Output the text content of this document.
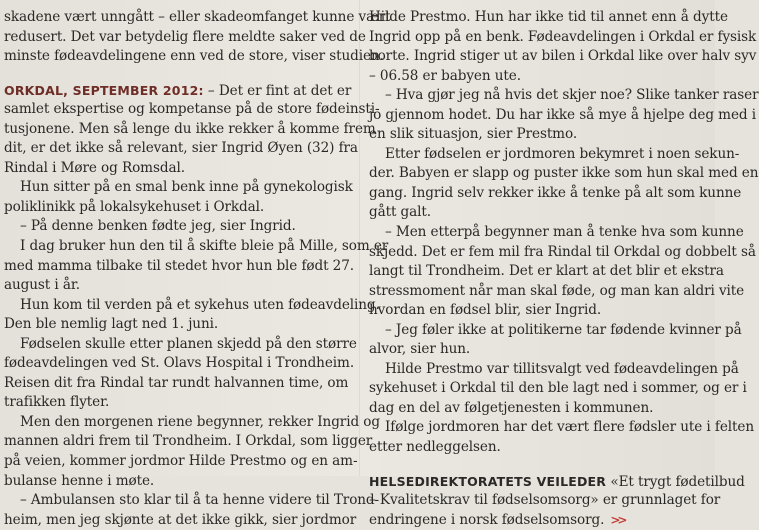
skadene vært unngått – eller skadeomfanget kunne vært
redusert. Det var betydelig flere meldte saker ved de
minste fødeavdelingene enn ved de store, viser studien.
ORKDAL, SEPTEMBER 2012: – Det er fint at det er
samlet ekspertise og kompetanse på de store fødeinsti-
tusjonene. Men så lenge du ikke rekker å komme frem
dit, er det ikke så relevant, sier Ingrid Øyen (32) fra
Rindal i Møre og Romsdal.
Hun sitter på en smal benk inne på gynekologisk
poliklinikk på lokalsykehuset i Orkdal.
– På denne benken fødte jeg, sier Ingrid.
I dag bruker hun den til å skifte bleie på Mille, som er
med mamma tilbake til stedet hvor hun ble født 27.
august i år.
Hun kom til verden på et sykehus uten fødeavdeling.
Den ble nemlig lagt ned 1. juni.
Fødselen skulle etter planen skjedd på den større
fødeavdelingen ved St. Olavs Hospital i Trondheim.
Reisen dit fra Rindal tar rundt halvannen time, om
trafikken flyter.
Men den morgenen riene begynner, rekker Ingrid og
mannen aldri frem til Trondheim. I Orkdal, som ligger
på veien, kommer jordmor Hilde Prestmo og en am-
bulanse henne i møte.
– Ambulansen sto klar til å ta henne videre til Trond-
heim, men jeg skjønte at det ikke gikk, sier jordmor
Hilde Prestmo. Hun har ikke tid til annet enn å dytte
Ingrid opp på en benk. Fødeavdelingen i Orkdal er fysisk
borte. Ingrid stiger ut av bilen i Orkdal like over halv syv
– 06.58 er babyen ute.
– Hva gjør jeg nå hvis det skjer noe? Slike tanker raser
jo gjennom hodet. Du har ikke så mye å hjelpe deg med i
en slik situasjon, sier Prestmo.
Etter fødselen er jordmoren bekymret i noen sekun-
der. Babyen er slapp og puster ikke som hun skal med en
gang. Ingrid selv rekker ikke å tenke på alt som kunne
gått galt.
– Men etterpå begynner man å tenke hva som kunne
skjedd. Det er fem mil fra Rindal til Orkdal og dobbelt så
langt til Trondheim. Det er klart at det blir et ekstra
stressmoment når man skal føde, og man kan aldri vite
hvordan en fødsel blir, sier Ingrid.
– Jeg føler ikke at politikerne tar fødende kvinner på
alvor, sier hun.
Hilde Prestmo var tillitsvalgt ved fødeavdelingen på
sykehuset i Orkdal til den ble lagt ned i sommer, og er i
dag en del av følgetjenesten i kommunen.
Ifølge jordmoren har det vært flere fødsler ute i felten
etter nedleggelsen.
HELSEDIREKTORATETS VEILEDER «Et trygt fødetilbud
– Kvalitetskrav til fødselsomsorg» er grunnlaget for
endringene i norsk fødselsomsorg. >>
